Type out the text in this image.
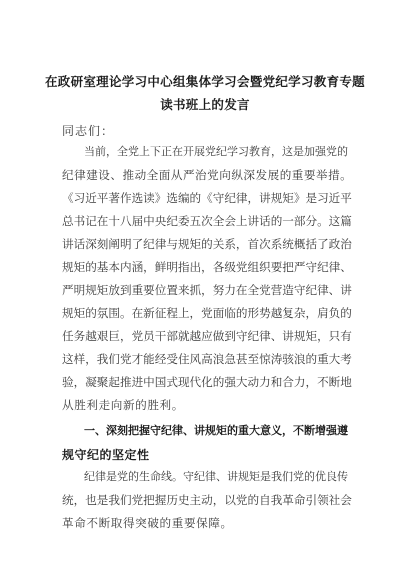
在政研室理论学习中心组集体学习会暨党纪学习教育专题
读书班上的发言
同志们：
当前，全党上下正在开展党纪学习教育，这是加强党的
纪律建设、推动全面从严治党向纵深发展的重要举措。
《习近平著作选读》选编的《守纪律，讲规矩》是习近平
总书记在十八届中央纪委五次全会上讲话的一部分。这篇
讲话深刻阐明了纪律与规矩的关系，首次系统概括了政治
规矩的基本内涵，鲜明指出，各级党组织要把严守纪律、
严明规矩放到重要位置来抓，努力在全党营造守纪律、讲
规矩的氛围。在新征程上，党面临的形势越复杂，肩负的
任务越艰巨，党员干部就越应做到守纪律、讲规矩，只有
这样，我们党才能经受住风高浪急甚至惊涛骇浪的重大考
验，凝聚起推进中国式现代化的强大动力和合力，不断地
从胜利走向新的胜利。
一、深刻把握守纪律、讲规矩的重大意义，不断增强遵
规守纪的坚定性
纪律是党的生命线。守纪律、讲规矩是我们党的优良传
统，也是我们党把握历史主动，以党的自我革命引领社会
革命不断取得突破的重要保障。
